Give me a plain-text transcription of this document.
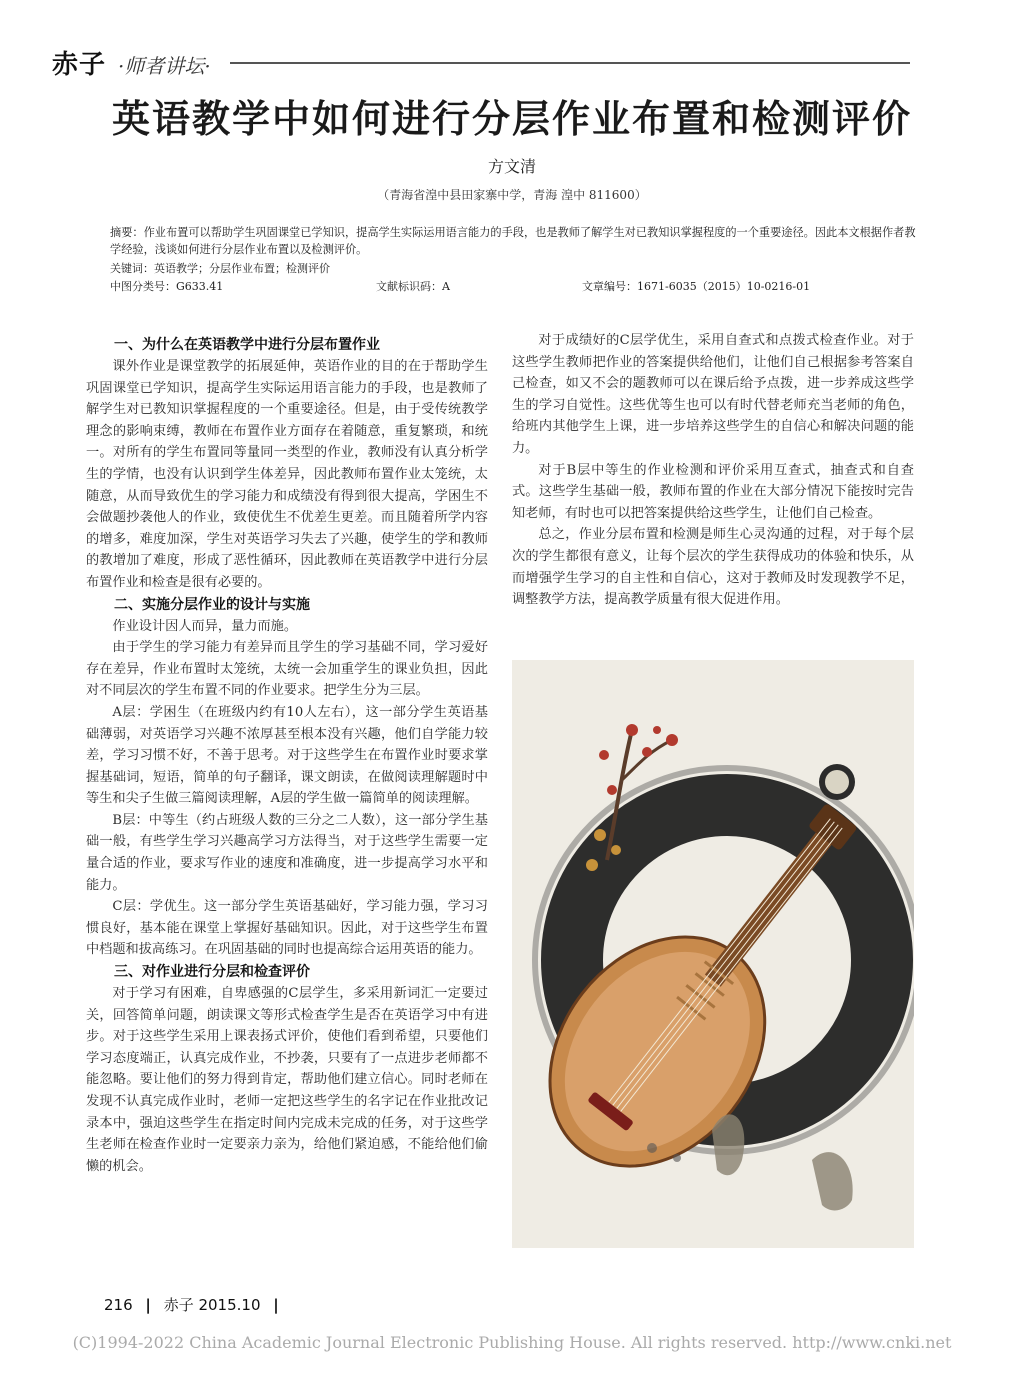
赤子 ·师者讲坛·
英语教学中如何进行分层作业布置和检测评价
方文清
（青海省湟中县田家寨中学，青海 湟中 811600）
摘要：作业布置可以帮助学生巩固课堂已学知识，提高学生实际运用语言能力的手段，也是教师了解学生对已教知识掌握程度的一个重要途径。因此本文根据作者教学经验，浅谈如何进行分层作业布置以及检测评价。
关键词：英语教学；分层作业布置；检测评价
中图分类号：G633.41	文献标识码：A	文章编号：1671-6035（2015）10-0216-01
一、为什么在英语教学中进行分层布置作业

课外作业是课堂教学的拓展延伸，英语作业的目的在于帮助学生巩固课堂已学知识，提高学生实际运用语言能力的手段，也是教师了解学生对已教知识掌握程度的一个重要途径。但是，由于受传统教学理念的影响束缚，教师在布置作业方面存在着随意，重复繁琐，和统一。对所有的学生布置同等量同一类型的作业，教师没有认真分析学生的学情，也没有认识到学生体差异，因此教师布置作业太笼统，太随意，从而导致优生的学习能力和成绩没有得到很大提高，学困生不会做题抄袭他人的作业，致使优生不优差生更差。而且随着所学内容的增多，难度加深，学生对英语学习失去了兴趣，使学生的学和教师的教增加了难度，形成了恶性循环，因此教师在英语教学中进行分层布置作业和检查是很有必要的。

二、实施分层作业的设计与实施

作业设计因人而异，量力而施。

由于学生的学习能力有差异而且学生的学习基础不同，学习爱好存在差异，作业布置时太笼统，太统一会加重学生的课业负担，因此对不同层次的学生布置不同的作业要求。把学生分为三层。

A层：学困生（在班级内约有10人左右），这一部分学生英语基础薄弱，对英语学习兴趣不浓厚甚至根本没有兴趣，他们自学能力较差，学习习惯不好，不善于思考。对于这些学生在布置作业时要求掌握基础词，短语，简单的句子翻译，课文朗读，在做阅读理解题时中等生和尖子生做三篇阅读理解，A层的学生做一篇简单的阅读理解。

B层：中等生（约占班级人数的三分之二人数），这一部分学生基础一般，有些学生学习兴趣高学习方法得当，对于这些学生需要一定量合适的作业，要求写作业的速度和准确度，进一步提高学习水平和能力。

C层：学优生。这一部分学生英语基础好，学习能力强，学习习惯良好，基本能在课堂上掌握好基础知识。因此，对于这些学生布置中档题和拔高练习。在巩固基础的同时也提高综合运用英语的能力。

三、对作业进行分层和检查评价

对于学习有困难，自卑感强的C层学生，多采用新词汇一定要过关，回答简单问题，朗读课文等形式检查学生是否在英语学习中有进步。对于这些学生采用上课表扬式评价，使他们看到希望，只要他们学习态度端正，认真完成作业，不抄袭，只要有了一点进步老师都不能忽略。要让他们的努力得到肯定，帮助他们建立信心。同时老师在发现不认真完成作业时，老师一定把这些学生的名字记在作业批改记录本中，强迫这些学生在指定时间内完成未完成的任务，对于这些学生老师在检查作业时一定要亲力亲为，给他们紧迫感，不能给他们偷懒的机会。

对于成绩好的C层学优生，采用自查式和点拨式检查作业。对于这些学生教师把作业的答案提供给他们，让他们自己根据参考答案自己检查，如又不会的题教师可以在课后给予点拨，进一步养成这些学生的学习自觉性。这些优等生也可以有时代替老师充当老师的角色，给班内其他学生上课，进一步培养这些学生的自信心和解决问题的能力。

对于B层中等生的作业检测和评价采用互查式，抽查式和自查式。这些学生基础一般，教师布置的作业在大部分情况下能按时完告知老师，有时也可以把答案提供给这些学生，让他们自己检查。

总之，作业分层布置和检测是师生心灵沟通的过程，对于每个层次的学生都很有意义，让每个层次的学生获得成功的体验和快乐，从而增强学生学习的自主性和自信心，这对于教师及时发现教学不足，调整教学方法，提高教学质量有很大促进作用。

216 | 赤子 2015.10 |
(C)1994-2022 China Academic Journal Electronic Publishing House. All rights reserved. http://www.cnki.net
